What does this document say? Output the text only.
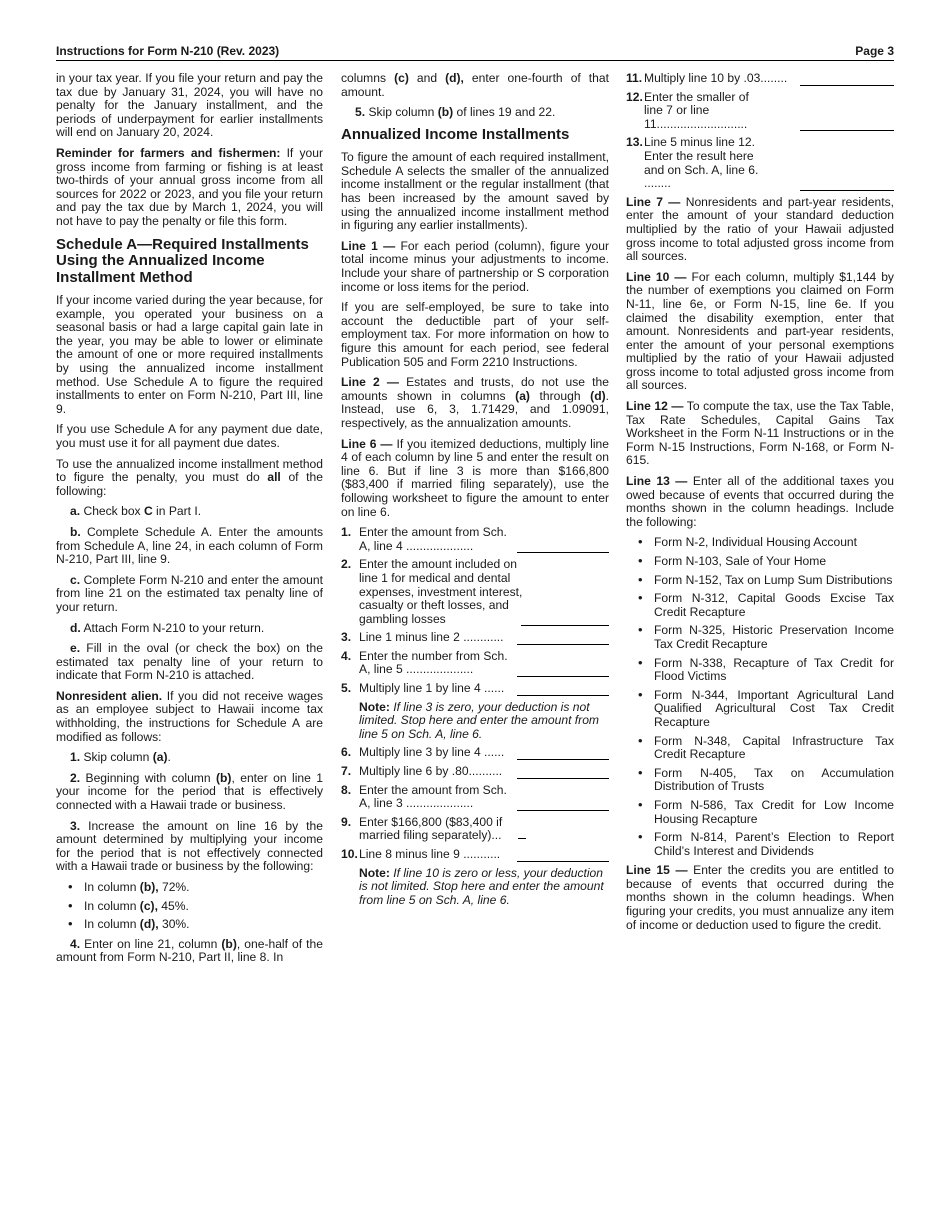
Instructions for Form N-210 (Rev. 2023)	Page 3

in your tax year. If you file your return and pay the tax due by January 31, 2024, you will have no penalty for the January installment, and the periods of underpayment for earlier installments will end on January 20, 2024.

Reminder for farmers and fishermen: If your gross income from farming or fishing is at least two-thirds of your annual gross income from all sources for 2022 or 2023, and you file your return and pay the tax due by March 1, 2024, you will not have to pay the penalty or file this form.

Schedule A—Required Installments Using the Annualized Income Installment Method

If your income varied during the year because, for example, you operated your business on a seasonal basis or had a large capital gain late in the year, you may be able to lower or eliminate the amount of one or more required installments by using the annualized income installment method. Use Schedule A to figure the required installments to enter on Form N-210, Part III, line 9.

If you use Schedule A for any payment due date, you must use it for all payment due dates.

To use the annualized income installment method to figure the penalty, you must do all of the following:

a. Check box C in Part I.

b. Complete Schedule A. Enter the amounts from Schedule A, line 24, in each column of Form N-210, Part III, line 9.

c. Complete Form N-210 and enter the amount from line 21 on the estimated tax penalty line of your return.

d. Attach Form N-210 to your return.

e. Fill in the oval (or check the box) on the estimated tax penalty line of your return to indicate that Form N-210 is attached.

Nonresident alien. If you did not receive wages as an employee subject to Hawaii income tax withholding, the instructions for Schedule A are modified as follows:

1. Skip column (a).

2. Beginning with column (b), enter on line 1 your income for the period that is effectively connected with a Hawaii trade or business.

3. Increase the amount on line 16 by the amount determined by multiplying your income for the period that is not effectively connected with a Hawaii trade or business by the following:

• In column (b), 72%.
• In column (c), 45%.
• In column (d), 30%.

4. Enter on line 21, column (b), one-half of the amount from Form N-210, Part II, line 8. In

columns (c) and (d), enter one-fourth of that amount.

5. Skip column (b) of lines 19 and 22.

Annualized Income Installments

To figure the amount of each required installment, Schedule A selects the smaller of the annualized income installment or the regular installment (that has been increased by the amount saved by using the annualized income installment method in figuring any earlier installments).

Line 1 — For each period (column), figure your total income minus your adjustments to income. Include your share of partnership or S corporation income or loss items for the period.

If you are self-employed, be sure to take into account the deductible part of your self-employment tax. For more information on how to figure this amount for each period, see federal Publication 505 and Form 2210 Instructions.

Line 2 — Estates and trusts, do not use the amounts shown in columns (a) through (d). Instead, use 6, 3, 1.71429, and 1.09091, respectively, as the annualization amounts.

Line 6 — If you itemized deductions, multiply line 4 of each column by line 5 and enter the result on line 6. But if line 3 is more than $166,800 ($83,400 if married filing separately), use the following worksheet to figure the amount to enter on line 6.

1. Enter the amount from Sch. A, line 4 ....................
2. Enter the amount included on line 1 for medical and dental expenses, investment interest, casualty or theft losses, and gambling losses
3. Line 1 minus line 2 ............
4. Enter the number from Sch. A, line 5 ....................
5. Multiply line 1 by line 4 ......
Note: If line 3 is zero, your deduction is not limited. Stop here and enter the amount from line 5 on Sch. A, line 6.
6. Multiply line 3 by line 4 ......
7. Multiply line 6 by .80..........
8. Enter the amount from Sch. A, line 3 ....................
9. Enter $166,800 ($83,400 if married filing separately)...
10. Line 8 minus line 9 ...........
Note: If line 10 is zero or less, your deduction is not limited. Stop here and enter the amount from line 5 on Sch. A, line 6.
11. Multiply line 10 by .03........
12. Enter the smaller of line 7 or line 11...........................
13. Line 5 minus line 12. Enter the result here and on Sch. A, line 6. ........

Line 7 — Nonresidents and part-year residents, enter the amount of your standard deduction multiplied by the ratio of your Hawaii adjusted gross income to total adjusted gross income from all sources.

Line 10 — For each column, multiply $1,144 by the number of exemptions you claimed on Form N-11, line 6e, or Form N-15, line 6e. If you claimed the disability exemption, enter that amount. Nonresidents and part-year residents, enter the amount of your personal exemptions multiplied by the ratio of your Hawaii adjusted gross income to total adjusted gross income from all sources.

Line 12 — To compute the tax, use the Tax Table, Tax Rate Schedules, Capital Gains Tax Worksheet in the Form N-11 Instructions or in the Form N-15 Instructions, Form N-168, or Form N-615.

Line 13 — Enter all of the additional taxes you owed because of events that occurred during the months shown in the column headings. Include the following:

• Form N-2, Individual Housing Account
• Form N-103, Sale of Your Home
• Form N-152, Tax on Lump Sum Distributions
• Form N-312, Capital Goods Excise Tax Credit Recapture
• Form N-325, Historic Preservation Income Tax Credit Recapture
• Form N-338, Recapture of Tax Credit for Flood Victims
• Form N-344, Important Agricultural Land Qualified Agricultural Cost Tax Credit Recapture
• Form N-348, Capital Infrastructure Tax Credit Recapture
• Form N-405, Tax on Accumulation Distribution of Trusts
• Form N-586, Tax Credit for Low Income Housing Recapture
• Form N-814, Parent’s Election to Report Child’s Interest and Dividends

Line 15 — Enter the credits you are entitled to because of events that occurred during the months shown in the column headings. When figuring your credits, you must annualize any item of income or deduction used to figure the credit.
